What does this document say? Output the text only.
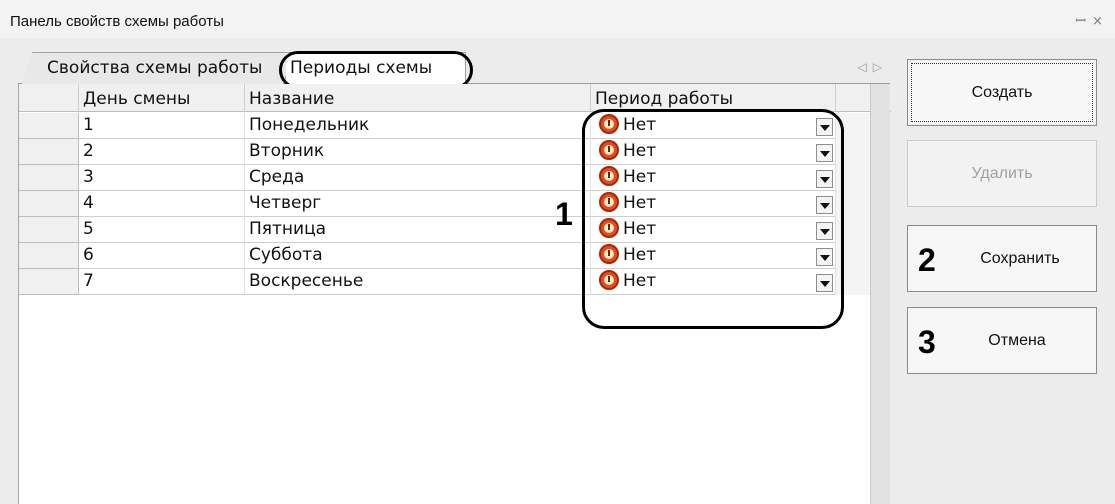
Панель свойств схемы работы	ꟷ×
Свойства схемы работы	Периоды схемы	◁▷
День смены	Название	Период работы
1	Понедельник	Нет
2	Вторник	Нет
3	Среда	Нет
4	Четверг	Нет
5	Пятница	Нет
6	Суббота	Нет
7	Воскресенье	Нет
1
Создать
Удалить
2	Сохранить
3	Отмена
